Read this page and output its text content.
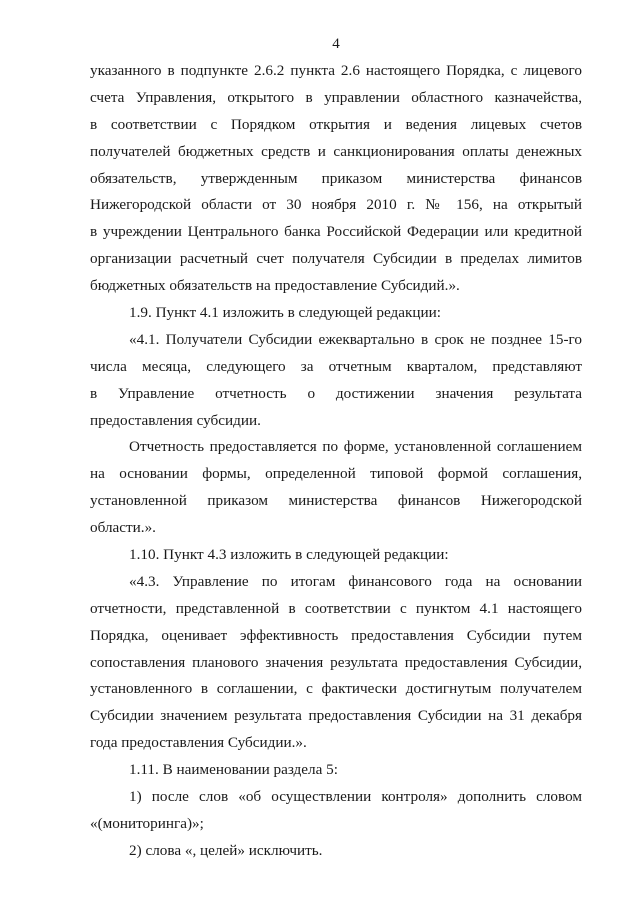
4
указанного в подпункте 2.6.2 пункта 2.6 настоящего Порядка, с лицевого
счета Управления, открытого в управлении областного казначейства,
в соответствии с Порядком открытия и ведения лицевых счетов
получателей бюджетных средств и санкционирования оплаты денежных
обязательств, утвержденным приказом министерства финансов
Нижегородской области от 30 ноября 2010 г. № 156, на открытый
в учреждении Центрального банка Российской Федерации или кредитной
организации расчетный счет получателя Субсидии в пределах лимитов
бюджетных обязательств на предоставление Субсидий.».
1.9. Пункт 4.1 изложить в следующей редакции:
«4.1. Получатели Субсидии ежеквартально в срок не позднее 15-го
числа месяца, следующего за отчетным кварталом, представляют
в Управление отчетность о достижении значения результата
предоставления субсидии.
Отчетность предоставляется по форме, установленной соглашением
на основании формы, определенной типовой формой соглашения,
установленной приказом министерства финансов Нижегородской
области.».
1.10. Пункт 4.3 изложить в следующей редакции:
«4.3. Управление по итогам финансового года на основании
отчетности, представленной в соответствии с пунктом 4.1 настоящего
Порядка, оценивает эффективность предоставления Субсидии путем
сопоставления планового значения результата предоставления Субсидии,
установленного в соглашении, с фактически достигнутым получателем
Субсидии значением результата предоставления Субсидии на 31 декабря
года предоставления Субсидии.».
1.11. В наименовании раздела 5:
1) после слов «об осуществлении контроля» дополнить словом
«(мониторинга)»;
2) слова «, целей» исключить.
